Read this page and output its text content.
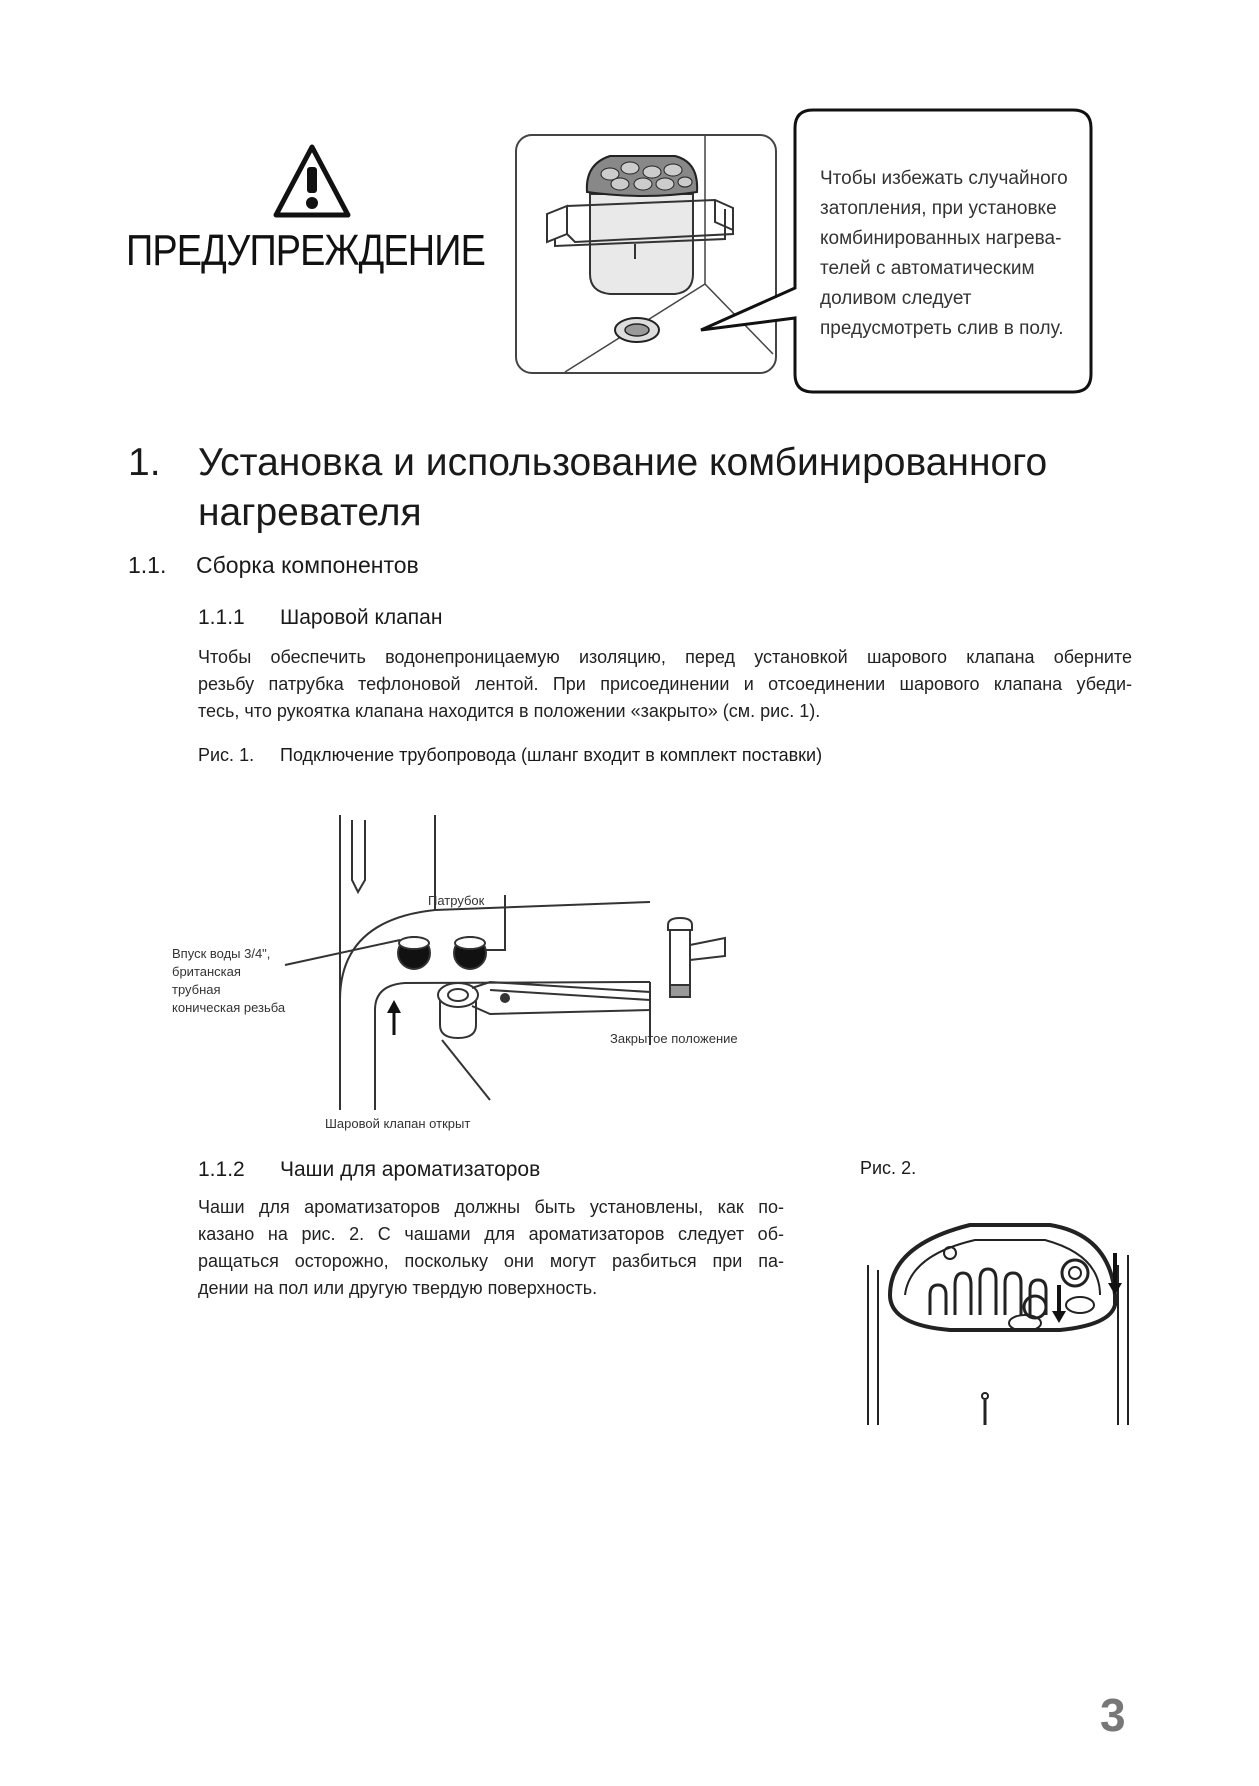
ПРЕДУПРЕЖДЕНИЕ
Чтобы избежать случайного
затопления, при установке
комбинированных нагрева-
телей с автоматическим
доливом следует
предусмотреть слив в полу.
1. Установка и использование комбинированного нагревателя
1.1. Сборка компонентов
1.1.1 Шаровой клапан
Чтобы обеспечить водонепроницаемую изоляцию, перед установкой шарового клапана оберните
резьбу патрубка тефлоновой лентой. При присоединении и отсоединении шарового клапана убеди-
тесь, что рукоятка клапана находится в положении «закрыто» (см. рис. 1).
Рис. 1. Подключение трубопровода (шланг входит в комплект поставки)
Патрубок
Впуск воды 3/4",
британская
трубная
коническая резьба
Закрытое положение
Шаровой клапан открыт
1.1.2 Чаши для ароматизаторов
Чаши для ароматизаторов должны быть установлены, как по-
казано на рис. 2. С чашами для ароматизаторов следует об-
ращаться осторожно, поскольку они могут разбиться при па-
дении на пол или другую твердую поверхность.
Рис. 2.
3
